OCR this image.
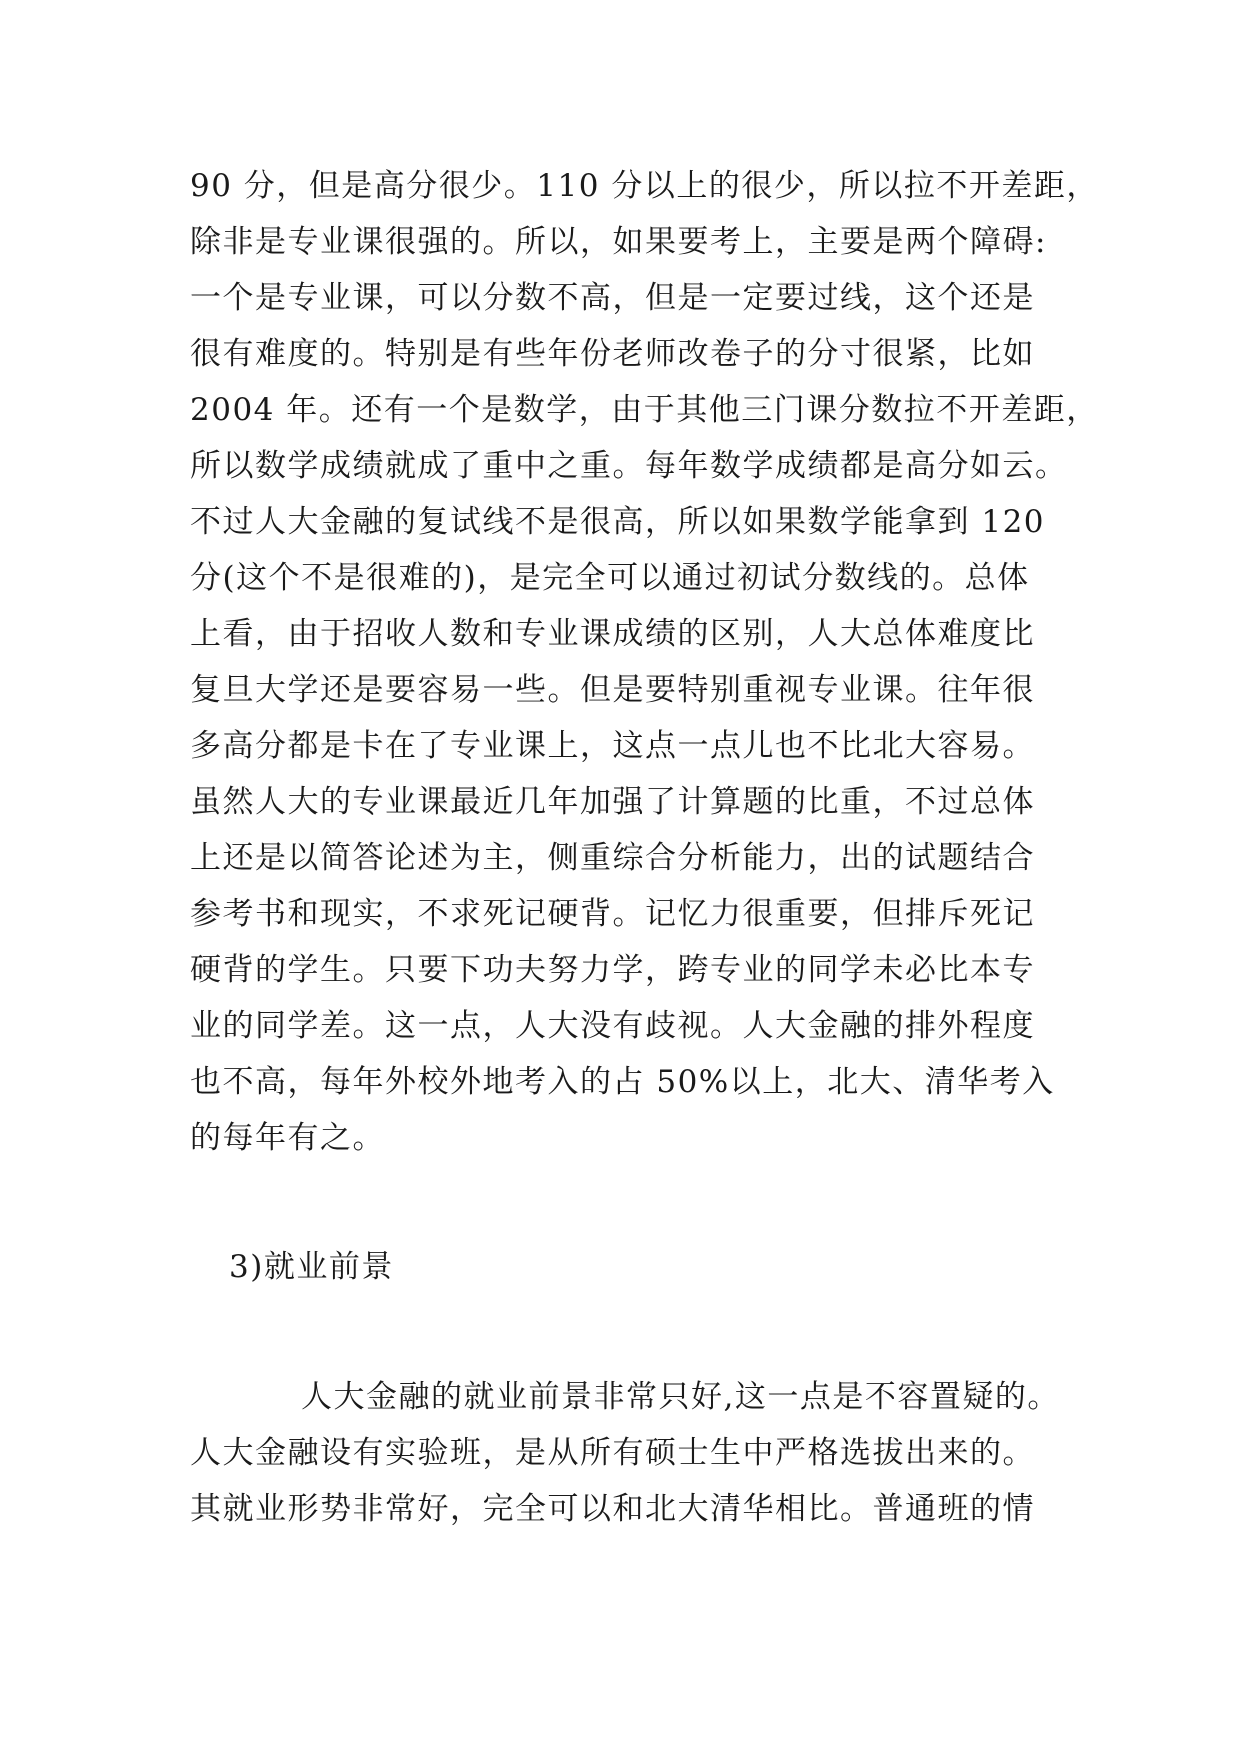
90 分，但是高分很少。110 分以上的很少，所以拉不开差距，
除非是专业课很强的。所以，如果要考上，主要是两个障碍:
一个是专业课，可以分数不高，但是一定要过线，这个还是
很有难度的。特别是有些年份老师改卷子的分寸很紧，比如
2004 年。还有一个是数学，由于其他三门课分数拉不开差距，
所以数学成绩就成了重中之重。每年数学成绩都是高分如云。
不过人大金融的复试线不是很高，所以如果数学能拿到 120
分(这个不是很难的)，是完全可以通过初试分数线的。总体
上看，由于招收人数和专业课成绩的区别，人大总体难度比
复旦大学还是要容易一些。但是要特别重视专业课。往年很
多高分都是卡在了专业课上，这点一点儿也不比北大容易。
虽然人大的专业课最近几年加强了计算题的比重，不过总体
上还是以简答论述为主，侧重综合分析能力，出的试题结合
参考书和现实，不求死记硬背。记忆力很重要，但排斥死记
硬背的学生。只要下功夫努力学，跨专业的同学未必比本专
业的同学差。这一点，人大没有歧视。人大金融的排外程度
也不高，每年外校外地考入的占 50%以上，北大、清华考入
的每年有之。
3)就业前景
人大金融的就业前景非常只好,这一点是不容置疑的。
人大金融设有实验班，是从所有硕士生中严格选拔出来的。
其就业形势非常好，完全可以和北大清华相比。普通班的情
